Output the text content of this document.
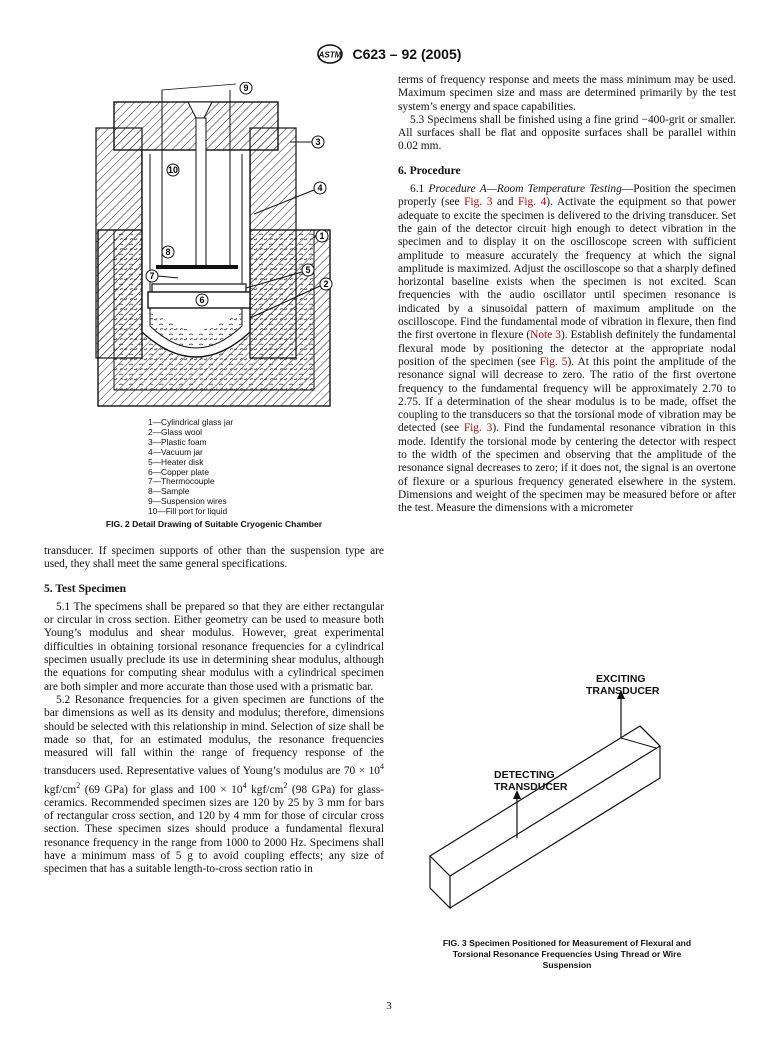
ASTM C623 – 92 (2005)
9
10
3
4
1
8
7
5
6
2
1—Cylindrical glass jar
2—Glass wool
3—Plastic foam
4—Vacuum jar
5—Heater disk
6—Copper plate
7—Thermocouple
8—Sample
9—Suspension wires
10—Fill port for liquid
FIG. 2 Detail Drawing of Suitable Cryogenic Chamber

transducer. If specimen supports of other than the suspension type are used, they shall meet the same general specifications.

5. Test Specimen

5.1 The specimens shall be prepared so that they are either rectangular or circular in cross section. Either geometry can be used to measure both Young’s modulus and shear modulus. However, great experimental difficulties in obtaining torsional resonance frequencies for a cylindrical specimen usually preclude its use in determining shear modulus, although the equations for computing shear modulus with a cylindrical specimen are both simpler and more accurate than those used with a prismatic bar.

5.2 Resonance frequencies for a given specimen are functions of the bar dimensions as well as its density and modulus; therefore, dimensions should be selected with this relationship in mind. Selection of size shall be made so that, for an estimated modulus, the resonance frequencies measured will fall within the range of frequency response of the transducers used. Representative values of Young’s modulus are $70 \times 10^4$ kgf/$cm^2$ (69 GPa) for glass and $100 \times 10^4$ kgf/$cm^2$ (98 GPa) for glass-ceramics. Recommended specimen sizes are 120 by 25 by 3 mm for bars of rectangular cross section, and 120 by 4 mm for those of circular cross section. These specimen sizes should produce a fundamental flexural resonance frequency in the range from 1000 to 2000 Hz. Specimens shall have a minimum mass of 5 g to avoid coupling effects; any size of specimen that has a suitable length-to-cross section ratio in

terms of frequency response and meets the mass minimum may be used. Maximum specimen size and mass are determined primarily by the test system’s energy and space capabilities.

5.3 Specimens shall be finished using a fine grind −400-grit or smaller. All surfaces shall be flat and opposite surfaces shall be parallel within 0.02 mm.

6. Procedure

6.1 Procedure A—Room Temperature Testing—Position the specimen properly (see Fig. 3 and Fig. 4). Activate the equipment so that power adequate to excite the specimen is delivered to the driving transducer. Set the gain of the detector circuit high enough to detect vibration in the specimen and to display it on the oscilloscope screen with sufficient amplitude to measure accurately the frequency at which the signal amplitude is maximized. Adjust the oscilloscope so that a sharply defined horizontal baseline exists when the specimen is not excited. Scan frequencies with the audio oscillator until specimen resonance is indicated by a sinusoidal pattern of maximum amplitude on the oscilloscope. Find the fundamental mode of vibration in flexure, then find the first overtone in flexure (Note 3). Establish definitely the fundamental flexural mode by positioning the detector at the appropriate nodal position of the specimen (see Fig. 5). At this point the amplitude of the resonance signal will decrease to zero. The ratio of the first overtone frequency to the fundamental frequency will be approximately 2.70 to 2.75. If a determination of the shear modulus is to be made, offset the coupling to the transducers so that the torsional mode of vibration may be detected (see Fig. 3). Find the fundamental resonance vibration in this mode. Identify the torsional mode by centering the detector with respect to the width of the specimen and observing that the amplitude of the resonance signal decreases to zero; if it does not, the signal is an overtone of flexure or a spurious frequency generated elsewhere in the system. Dimensions and weight of the specimen may be measured before or after the test. Measure the dimensions with a micrometer

EXCITING
TRANSDUCER
DETECTING
TRANSDUCER
FIG. 3 Specimen Positioned for Measurement of Flexural and
Torsional Resonance Frequencies Using Thread or Wire
Suspension
3
